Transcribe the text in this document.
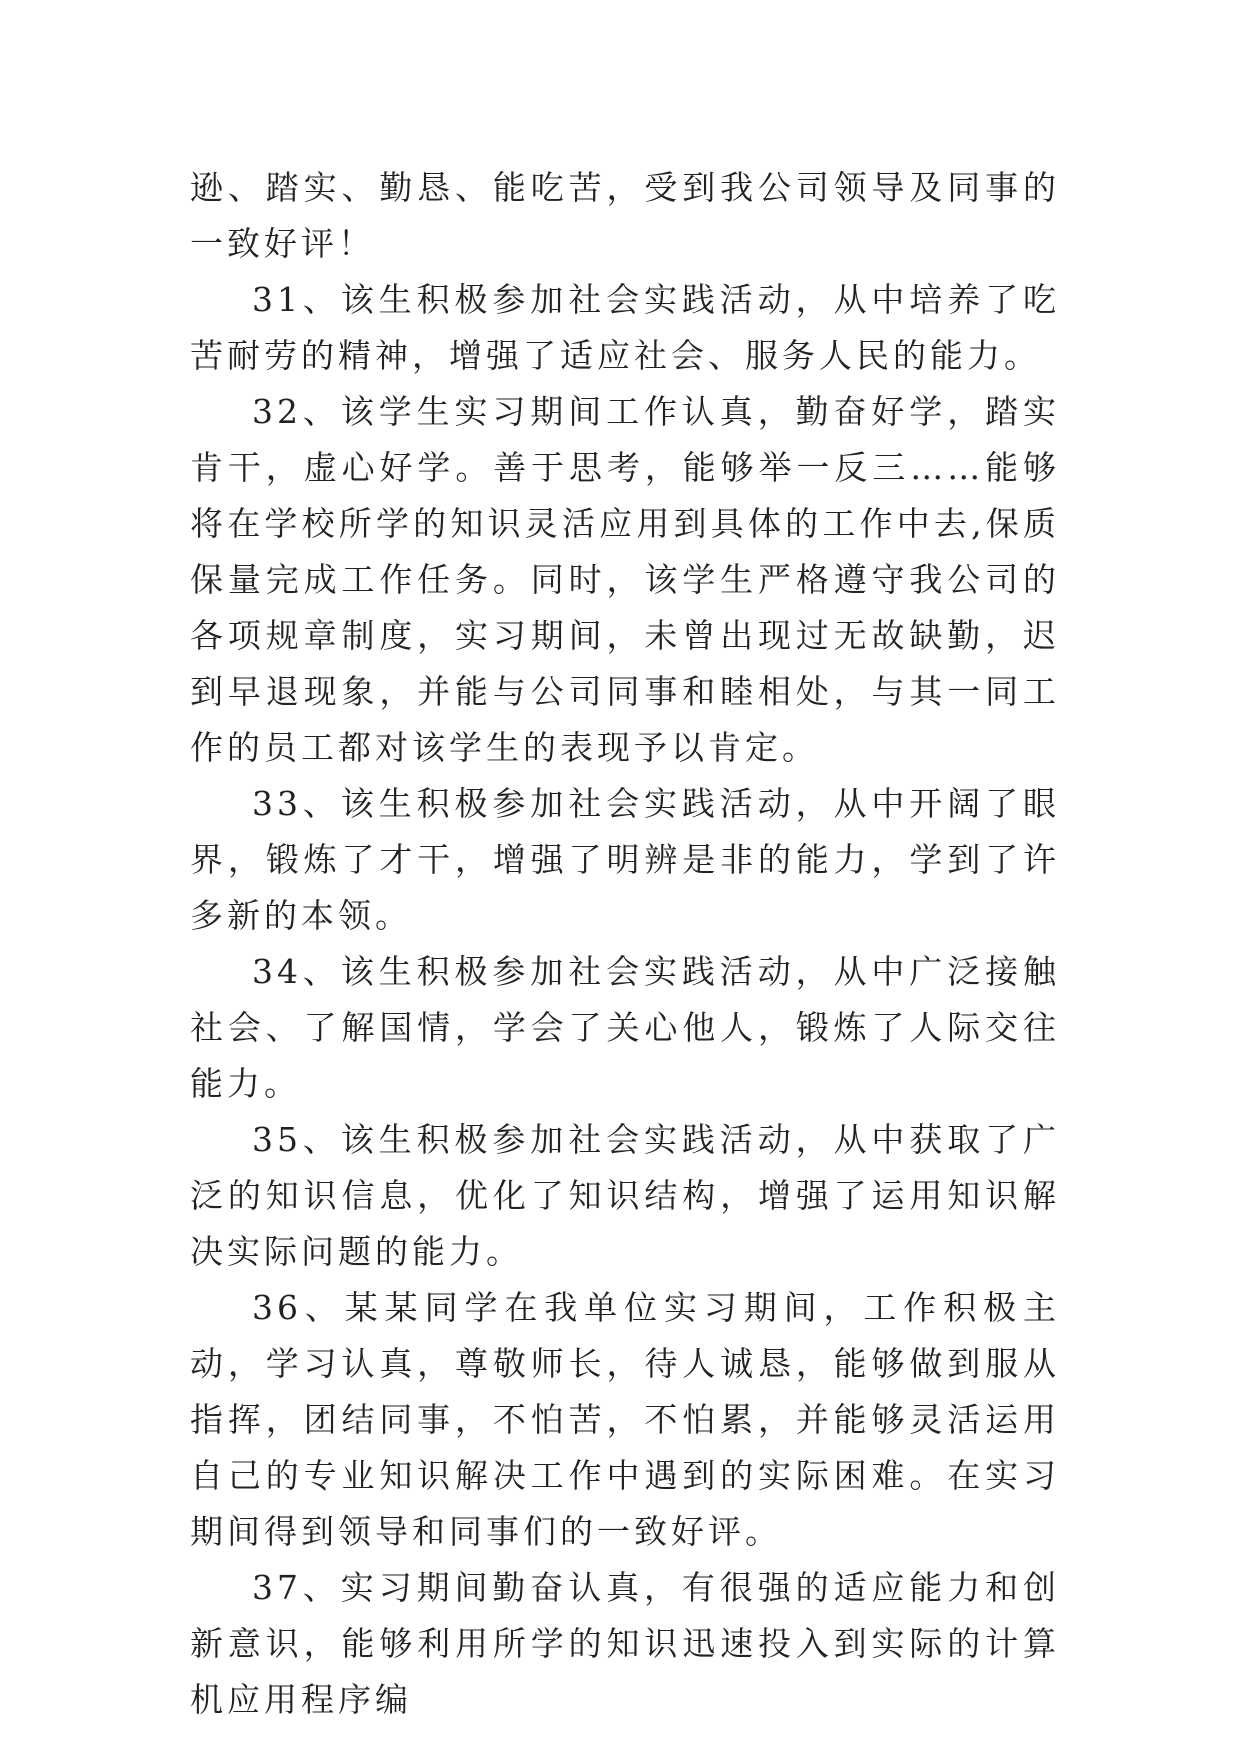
逊、踏实、勤恳、能吃苦，受到我公司领导及同事的一致好评！

31、该生积极参加社会实践活动，从中培养了吃苦耐劳的精神，增强了适应社会、服务人民的能力。

32、该学生实习期间工作认真，勤奋好学，踏实肯干，虚心好学。善于思考，能够举一反三……能够将在学校所学的知识灵活应用到具体的工作中去,保质保量完成工作任务。同时，该学生严格遵守我公司的各项规章制度，实习期间，未曾出现过无故缺勤，迟到早退现象，并能与公司同事和睦相处，与其一同工作的员工都对该学生的表现予以肯定。

33、该生积极参加社会实践活动，从中开阔了眼界，锻炼了才干，增强了明辨是非的能力，学到了许多新的本领。

34、该生积极参加社会实践活动，从中广泛接触社会、了解国情，学会了关心他人，锻炼了人际交往能力。

35、该生积极参加社会实践活动，从中获取了广泛的知识信息，优化了知识结构，增强了运用知识解决实际问题的能力。

36、某某同学在我单位实习期间，工作积极主动，学习认真，尊敬师长，待人诚恳，能够做到服从指挥，团结同事，不怕苦，不怕累，并能够灵活运用自己的专业知识解决工作中遇到的实际困难。在实习期间得到领导和同事们的一致好评。

37、实习期间勤奋认真，有很强的适应能力和创新意识，能够利用所学的知识迅速投入到实际的计算机应用程序编
